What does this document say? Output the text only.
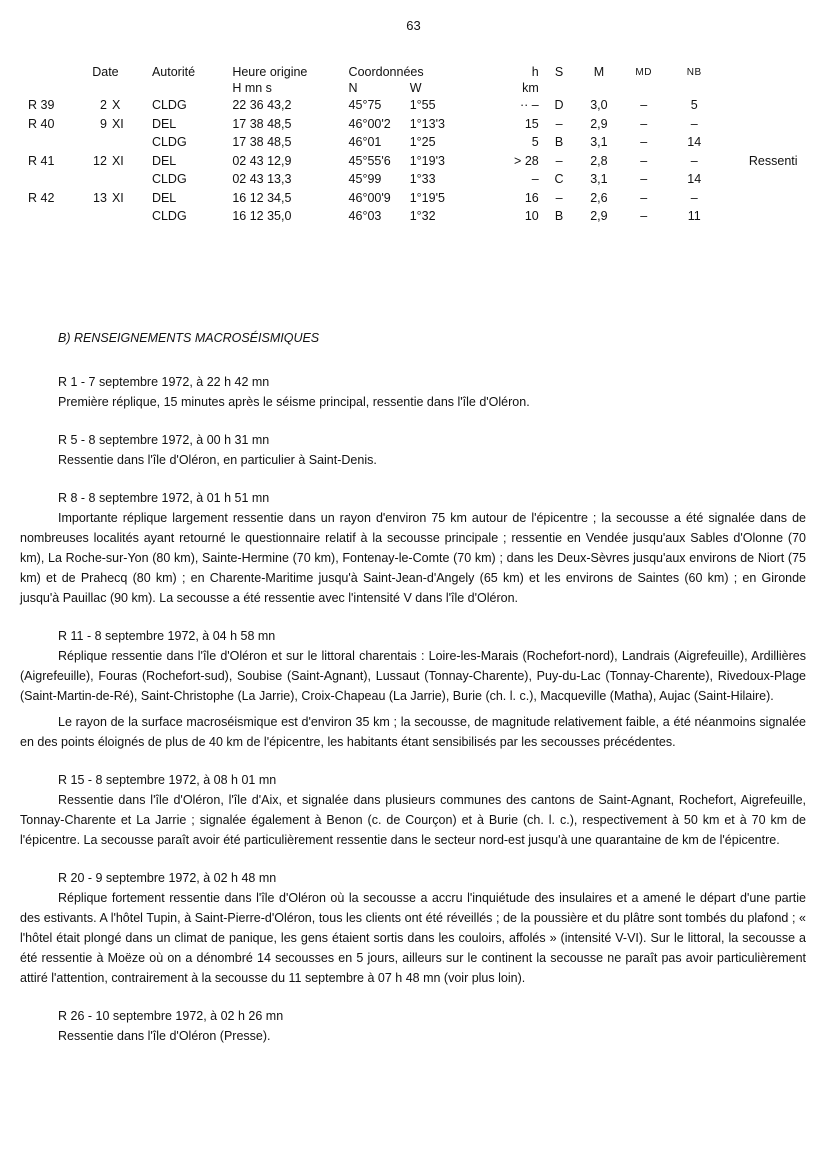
63
	Date	Autorité	Heure origine	Coordonnées		h	S	M	MD	NB	
			H mn s	N	W	km					
R 39	2 X	CLDG	22 36 43,2	45°75	1°55	·· –	D	3,0	–	5	
R 40	9 XI	DEL	17 38 48,5	46°00'2	1°13'3	15	–	2,9	–	–	
		CLDG	17 38 48,5	46°01	1°25	5	B	3,1	–	14	
R 41	12 XI	DEL	02 43 12,9	45°55'6	1°19'3	> 28	–	2,8	–	–	Ressenti
		CLDG	02 43 13,3	45°99	1°33	–	C	3,1	–	14	
R 42	13 XI	DEL	16 12 34,5	46°00'9	1°19'5	16	–	2,6	–	–	
		CLDG	16 12 35,0	46°03	1°32	10	B	2,9	–	11	
B) RENSEIGNEMENTS MACROSÉISMIQUES
R 1 - 7 septembre 1972, à 22 h 42 mn

Première réplique, 15 minutes après le séisme principal, ressentie dans l'île d'Oléron.

R 5 - 8 septembre 1972, à 00 h 31 mn

Ressentie dans l'île d'Oléron, en particulier à Saint-Denis.

R 8 - 8 septembre 1972, à 01 h 51 mn

Importante réplique largement ressentie dans un rayon d'environ 75 km autour de l'épicentre ; la secousse a été signalée dans de nombreuses localités ayant retourné le questionnaire relatif à la secousse principale ; ressentie en Vendée jusqu'aux Sables d'Olonne (70 km), La Roche-sur-Yon (80 km), Sainte-Hermine (70 km), Fontenay-le-Comte (70 km) ; dans les Deux-Sèvres jusqu'aux environs de Niort (75 km) et de Prahecq (80 km) ; en Charente-Maritime jusqu'à Saint-Jean-d'Angely (65 km) et les environs de Saintes (60 km) ; en Gironde jusqu'à Pauillac (90 km). La secousse a été ressentie avec l'intensité V dans l'île d'Oléron.

R 11 - 8 septembre 1972, à 04 h 58 mn

Réplique ressentie dans l'île d'Oléron et sur le littoral charentais : Loire-les-Marais (Rochefort-nord), Landrais (Aigrefeuille), Ardillières (Aigrefeuille), Fouras (Rochefort-sud), Soubise (Saint-Agnant), Lussaut (Tonnay-Charente), Puy-du-Lac (Tonnay-Charente), Rivedoux-Plage (Saint-Martin-de-Ré), Saint-Christophe (La Jarrie), Croix-Chapeau (La Jarrie), Burie (ch. l. c.), Macqueville (Matha), Aujac (Saint-Hilaire).

Le rayon de la surface macroséismique est d'environ 35 km ; la secousse, de magnitude relativement faible, a été néanmoins signalée en des points éloignés de plus de 40 km de l'épicentre, les habitants étant sensibilisés par les secousses précédentes.

R 15 - 8 septembre 1972, à 08 h 01 mn

Ressentie dans l'île d'Oléron, l'île d'Aix, et signalée dans plusieurs communes des cantons de Saint-Agnant, Rochefort, Aigrefeuille, Tonnay-Charente et La Jarrie ; signalée également à Benon (c. de Courçon) et à Burie (ch. l. c.), respectivement à 50 km et à 70 km de l'épicentre. La secousse paraît avoir été particulièrement ressentie dans le secteur nord-est jusqu'à une quarantaine de km de l'épicentre.

R 20 - 9 septembre 1972, à 02 h 48 mn

Réplique fortement ressentie dans l'île d'Oléron où la secousse a accru l'inquiétude des insulaires et a amené le départ d'une partie des estivants. A l'hôtel Tupin, à Saint-Pierre-d'Oléron, tous les clients ont été réveillés ; de la poussière et du plâtre sont tombés du plafond ; « l'hôtel était plongé dans un climat de panique, les gens étaient sortis dans les couloirs, affolés » (intensité V-VI). Sur le littoral, la secousse a été ressentie à Moëze où on a dénombré 14 secousses en 5 jours, ailleurs sur le continent la secousse ne paraît pas avoir particulièrement attiré l'attention, contrairement à la secousse du 11 septembre à 07 h 48 mn (voir plus loin).

R 26 - 10 septembre 1972, à 02 h 26 mn

Ressentie dans l'île d'Oléron (Presse).
